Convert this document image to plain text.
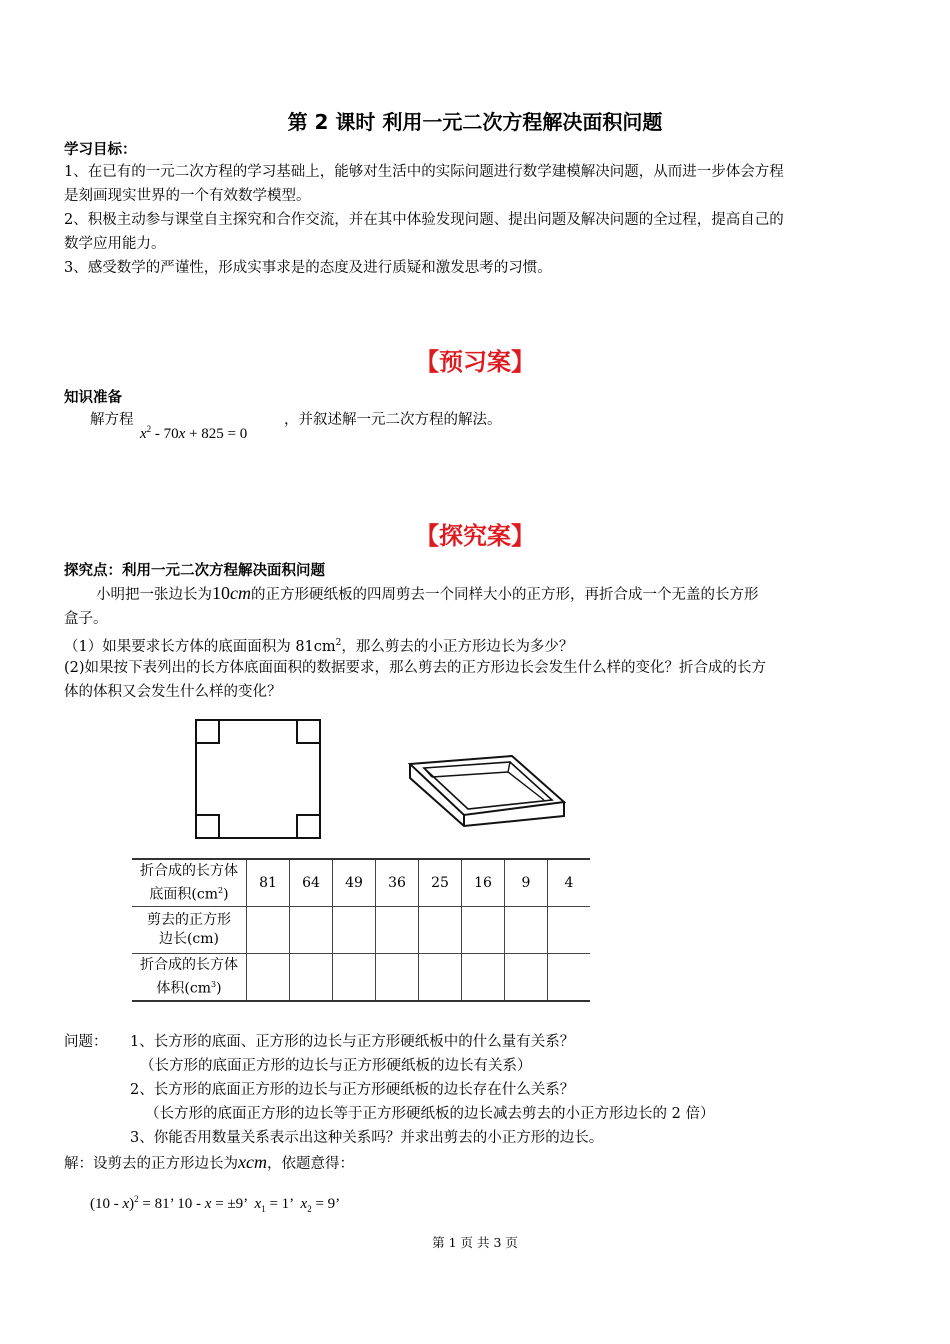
第 2 课时 利用一元二次方程解决面积问题
学习目标：
1、在已有的一元二次方程的学习基础上，能够对生活中的实际问题进行数学建模解决问题，从而进一步体会方程
是刻画现实世界的一个有效数学模型。
2、积极主动参与课堂自主探究和合作交流，并在其中体验发现问题、提出问题及解决问题的全过程，提高自己的
数学应用能力。
3、感受数学的严谨性，形成实事求是的态度及进行质疑和激发思考的习惯。
【预习案】
知识准备
解方程
$x^2 - 70x + 825 = 0$
，并叙述解一元二次方程的解法。
【探究案】
探究点：利用一元二次方程解决面积问题
小明把一张边长为10cm的正方形硬纸板的四周剪去一个同样大小的正方形，再折合成一个无盖的长方形
盒子。
（1）如果要求长方体的底面面积为 $81cm^2$，那么剪去的小正方形边长为多少？
(2)如果按下表列出的长方体底面面积的数据要求，那么剪去的正方形边长会发生什么样的变化？折合成的长方
体的体积又会发生什么样的变化？
折合成的长方体
底面积$(cm^2)$	81	64	49	36	25	16	9	4

剪去的正方形
边长(cm)								

折合成的长方体
体积$(cm^3)$								

问题： 1、长方形的底面、正方形的边长与正方形硬纸板中的什么量有关系？
（长方形的底面正方形的边长与正方形硬纸板的边长有关系）
2、长方形的底面正方形的边长与正方形硬纸板的边长存在什么关系？
（长方形的底面正方形的边长等于正方形硬纸板的边长减去剪去的小正方形边长的 2 倍）
3、你能否用数量关系表示出这种关系吗？并求出剪去的小正方形的边长。
解：设剪去的正方形边长为xcm，依题意得：
(10 - x)$^2$ = 81’ 10 - x = ±9’  $x_1 = 1$’  $x_2 = 9$’
第 1 页 共 3 页
